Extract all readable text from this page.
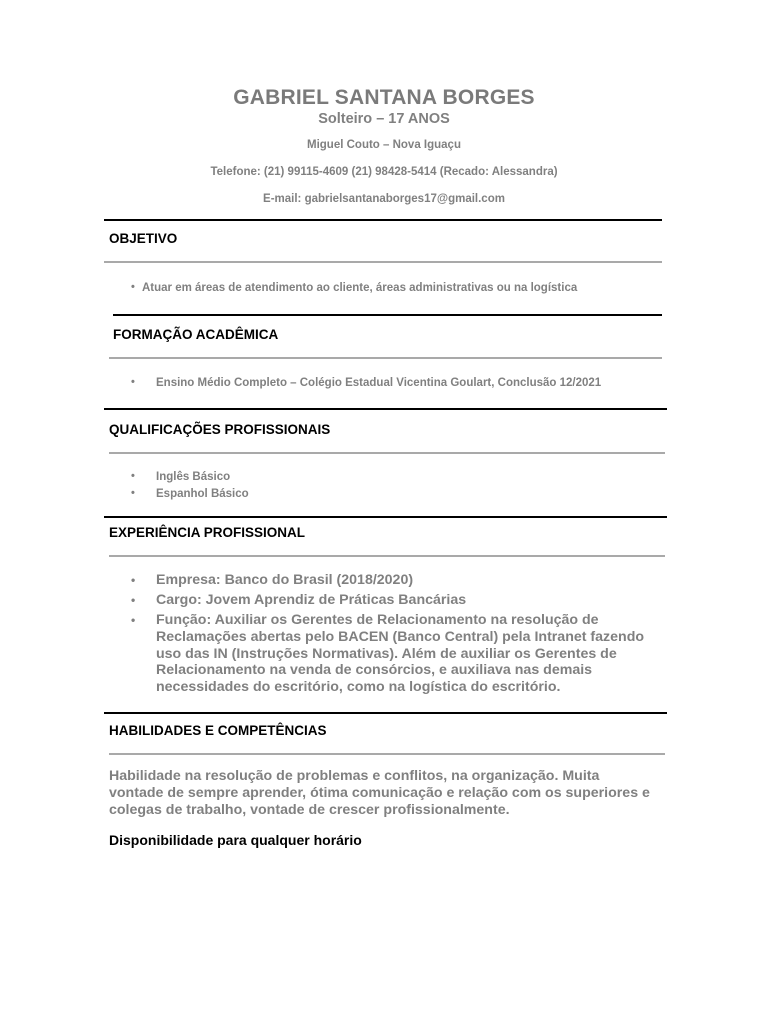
GABRIEL SANTANA BORGES
Solteiro – 17 ANOS
Miguel Couto – Nova Iguaçu
Telefone: (21) 99115-4609 (21) 98428-5414 (Recado: Alessandra)
E-mail: gabrielsantanaborges17@gmail.com
OBJETIVO
• Atuar em áreas de atendimento ao cliente, áreas administrativas ou na logística
FORMAÇÃO ACADÊMICA
• Ensino Médio Completo – Colégio Estadual Vicentina Goulart, Conclusão 12/2021
QUALIFICAÇÕES PROFISSIONAIS
• Inglês Básico
• Espanhol Básico
EXPERIÊNCIA PROFISSIONAL
• Empresa: Banco do Brasil (2018/2020)
• Cargo: Jovem Aprendiz de Práticas Bancárias
• Função: Auxiliar os Gerentes de Relacionamento na resolução de
Reclamações abertas pelo BACEN (Banco Central) pela Intranet fazendo
uso das IN (Instruções Normativas). Além de auxiliar os Gerentes de
Relacionamento na venda de consórcios, e auxiliava nas demais
necessidades do escritório, como na logística do escritório.
HABILIDADES E COMPETÊNCIAS
Habilidade na resolução de problemas e conflitos, na organização. Muita
vontade de sempre aprender, ótima comunicação e relação com os superiores e
colegas de trabalho, vontade de crescer profissionalmente.
Disponibilidade para qualquer horário
